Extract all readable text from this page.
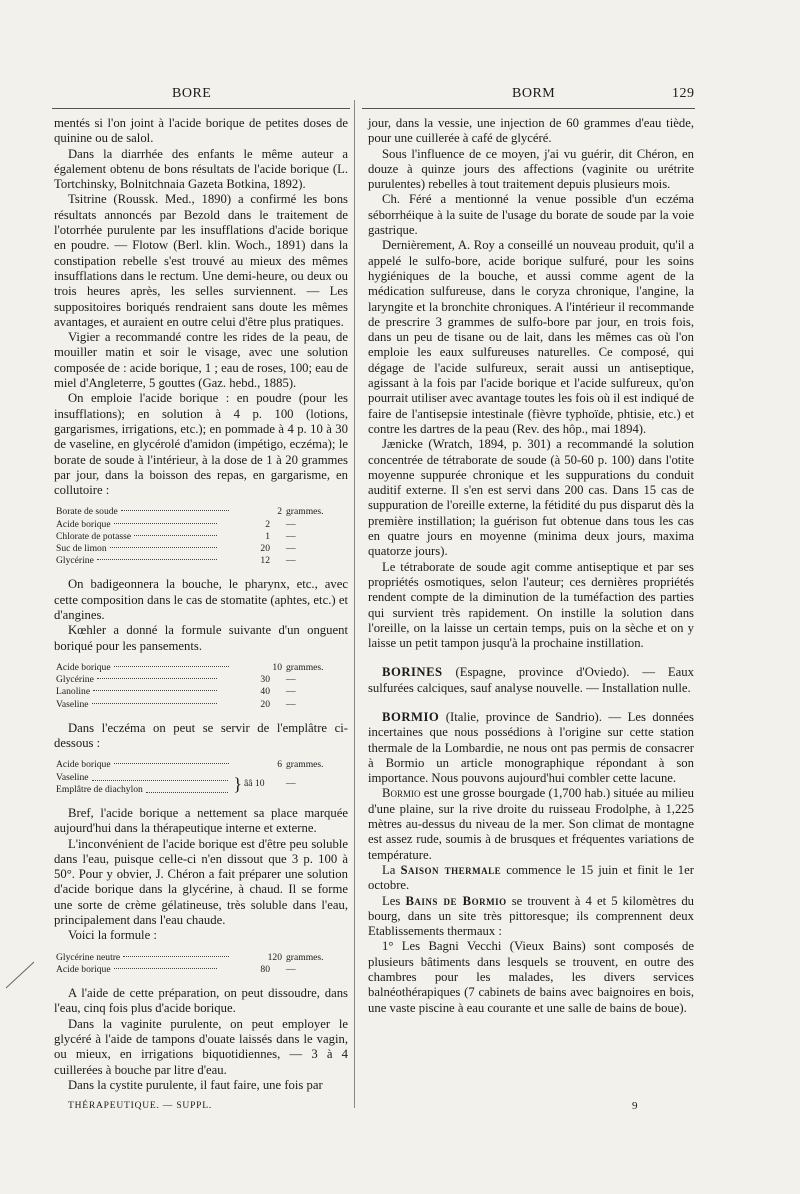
BORE	BORM	129

mentés si l'on joint à l'acide borique de petites doses de quinine ou de salol.

Dans la diarrhée des enfants le même auteur a également obtenu de bons résultats de l'acide borique (L. Tortchinsky, Bolnitchnaia Gazeta Botkina, 1892).

Tsitrine (Roussk. Med., 1890) a confirmé les bons résultats annoncés par Bezold dans le traitement de l'otorrhée purulente par les insufflations d'acide borique en poudre. — Flotow (Berl. klin. Woch., 1891) dans la constipation rebelle s'est trouvé au mieux des mêmes insufflations dans le rectum. Une demi-heure, ou deux ou trois heures après, les selles surviennent. — Les suppositoires boriqués rendraient sans doute les mêmes avantages, et auraient en outre celui d'être plus pratiques.

Vigier a recommandé contre les rides de la peau, de mouiller matin et soir le visage, avec une solution composée de : acide borique, 1 ; eau de roses, 100; eau de miel d'Angleterre, 5 gouttes (Gaz. hebd., 1885).

On emploie l'acide borique : en poudre (pour les insufflations); en solution à 4 p. 100 (lotions, gargarismes, irrigations, etc.); en pommade à 4 p. 10 à 30 de vaseline, en glycérolé d'amidon (impétigo, eczéma); le borate de soude à l'intérieur, à la dose de 1 à 20 grammes par jour, dans la boisson des repas, en gargarisme, en collutoire :

Borate de soude	2 grammes.
Acide borique	2	—
Chlorate de potasse	1	—
Suc de limon	20	—
Glycérine	12	—

On badigeonnera la bouche, le pharynx, etc., avec cette composition dans le cas de stomatite (aphtes, etc.) et d'angines.

Kœhler a donné la formule suivante d'un onguent boriqué pour les pansements.

Acide borique	10 grammes.
Glycérine	30	—
Lanoline	40	—
Vaseline	20	—

Dans l'eczéma on peut se servir de l'emplâtre ci-dessous :

Acide borique	6 grammes.
Vaseline
Emplâtre de diachylon	} ââ 10	—

Bref, l'acide borique a nettement sa place marquée aujourd'hui dans la thérapeutique interne et externe.

L'inconvénient de l'acide borique est d'être peu soluble dans l'eau, puisque celle-ci n'en dissout que 3 p. 100 à 50°. Pour y obvier, J. Chéron a fait préparer une solution d'acide borique dans la glycérine, à chaud. Il se forme une sorte de crème gélatineuse, très soluble dans l'eau, principalement dans l'eau chaude.

Voici la formule :

Glycérine neutre	120 grammes.
Acide borique	80	—

A l'aide de cette préparation, on peut dissoudre, dans l'eau, cinq fois plus d'acide borique.

Dans la vaginite purulente, on peut employer le glycéré à l'aide de tampons d'ouate laissés dans le vagin, ou mieux, en irrigations biquotidiennes, — 3 à 4 cuillerées à bouche par litre d'eau.

Dans la cystite purulente, il faut faire, une fois par

jour, dans la vessie, une injection de 60 grammes d'eau tiède, pour une cuillerée à café de glycéré.

Sous l'influence de ce moyen, j'ai vu guérir, dit Chéron, en douze à quinze jours des affections (vaginite ou urétrite purulentes) rebelles à tout traitement depuis plusieurs mois.

Ch. Féré a mentionné la venue possible d'un eczéma séborrhéique à la suite de l'usage du borate de soude par la voie gastrique.

Dernièrement, A. Roy a conseillé un nouveau produit, qu'il a appelé le sulfo-bore, acide borique sulfuré, pour les soins hygiéniques de la bouche, et aussi comme agent de la médication sulfureuse, dans le coryza chronique, l'angine, la laryngite et la bronchite chroniques. A l'intérieur il recommande de prescrire 3 grammes de sulfo-bore par jour, en trois fois, dans un peu de tisane ou de lait, dans les mêmes cas où l'on emploie les eaux sulfureuses naturelles. Ce composé, qui dégage de l'acide sulfureux, serait aussi un antiseptique, agissant à la fois par l'acide borique et l'acide sulfureux, qu'on pourrait utiliser avec avantage toutes les fois où il est indiqué de faire de l'antisepsie intestinale (fièvre typhoïde, phtisie, etc.) et contre les dartres de la peau (Rev. des hôp., mai 1894).

Jænicke (Wratch, 1894, p. 301) a recommandé la solution concentrée de tétraborate de soude (à 50-60 p. 100) dans l'otite moyenne suppurée chronique et les suppurations du conduit auditif externe. Il s'en est servi dans 200 cas. Dans 15 cas de suppuration de l'oreille externe, la fétidité du pus disparut dès la première instillation; la guérison fut obtenue dans tous les cas en quatre jours en moyenne (minima deux jours, maxima quatorze jours).

Le tétraborate de soude agit comme antiseptique et par ses propriétés osmotiques, selon l'auteur; ces dernières propriétés rendent compte de la diminution de la tuméfaction des parties qui survient très rapidement. On instille la solution dans l'oreille, on la laisse un certain temps, puis on la sèche et on y laisse un petit tampon jusqu'à la prochaine instillation.

BORINES (Espagne, province d'Oviedo). — Eaux sulfurées calciques, sauf analyse nouvelle. — Installation nulle.

BORMIO (Italie, province de Sandrio). — Les données incertaines que nous possédions à l'origine sur cette station thermale de la Lombardie, ne nous ont pas permis de consacrer à Bormio un article monographique répondant à son importance. Nous pouvons aujourd'hui combler cette lacune.

Bormio est une grosse bourgade (1,700 hab.) située au milieu d'une plaine, sur la rive droite du ruisseau Frodolphe, à 1,225 mètres au-dessus du niveau de la mer. Son climat de montagne est assez rude, soumis à de brusques et fréquentes variations de température.

La Saison thermale commence le 15 juin et finit le 1er octobre.

Les Bains de Bormio se trouvent à 4 et 5 kilomètres du bourg, dans un site très pittoresque; ils comprennent deux Etablissements thermaux :

1° Les Bagni Vecchi (Vieux Bains) sont composés de plusieurs bâtiments dans lesquels se trouvent, en outre des chambres pour les malades, les divers services balnéothérapiques (7 cabinets de bains avec baignoires en bois, une vaste piscine à eau courante et une salle de bains de boue).

THÉRAPEUTIQUE. — SUPPL.	9
